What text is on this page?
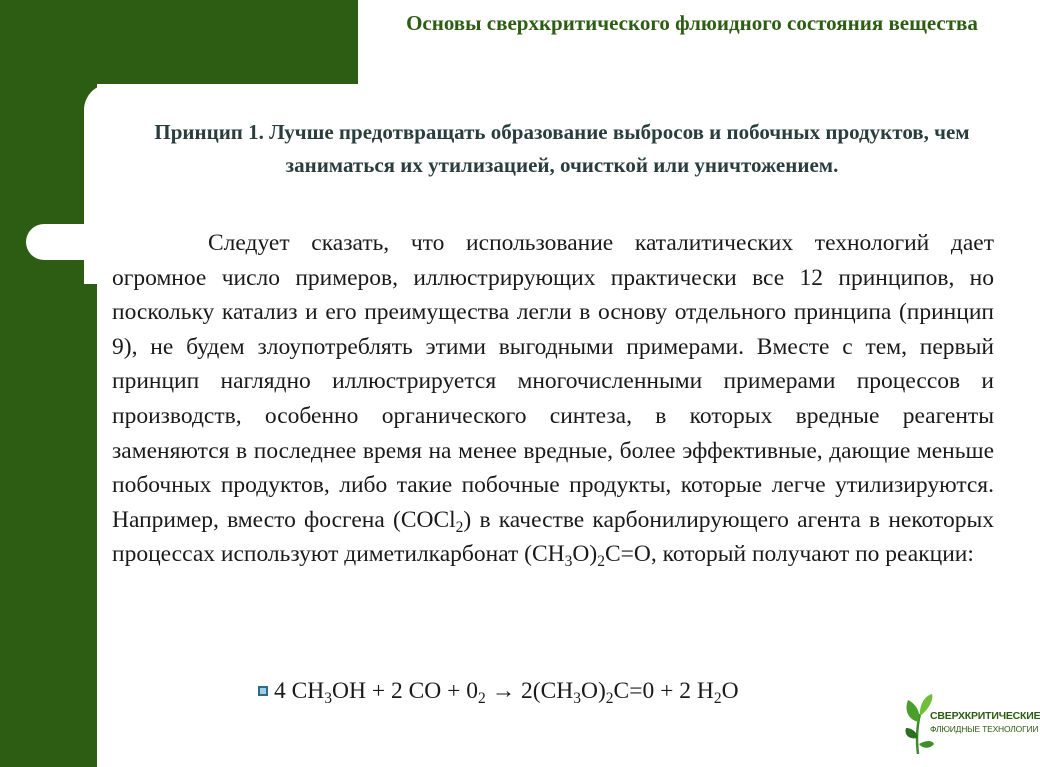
Основы сверхкритического флюидного состояния вещества
Принцип 1. Лучше предотвращать образование выбросов и побочных продуктов, чем заниматься их утилизацией, очисткой или уничтожением.

Следует сказать, что использование каталитических технологий дает огромное число примеров, иллюстрирующих практически все 12 принципов, но поскольку катализ и его преимущества легли в основу отдельного принципа (принцип 9), не будем злоупотреблять этими выгодными примерами. Вместе с тем, первый принцип наглядно иллюстрируется многочисленными примерами процессов и производств, особенно органического синтеза, в которых вредные реагенты заменяются в последнее время на менее вредные, более эффективные, дающие меньше побочных продуктов, либо такие побочные продукты, которые легче утилизируются. Например, вместо фосгена (COCl$_2$) в качестве карбонилирующего агента в некоторых процессах используют диметилкарбонат $(CH_3O)_2C=O$, который получают по реакции:

4 $CH_3OH + 2$ CO + $0_2 \to 2(CH_3O)_2C=0 + 2$ $H_2O$
СВЕРХКРИТИЧЕСКИЕ
ФЛЮИДНЫЕ ТЕХНОЛОГИИ
